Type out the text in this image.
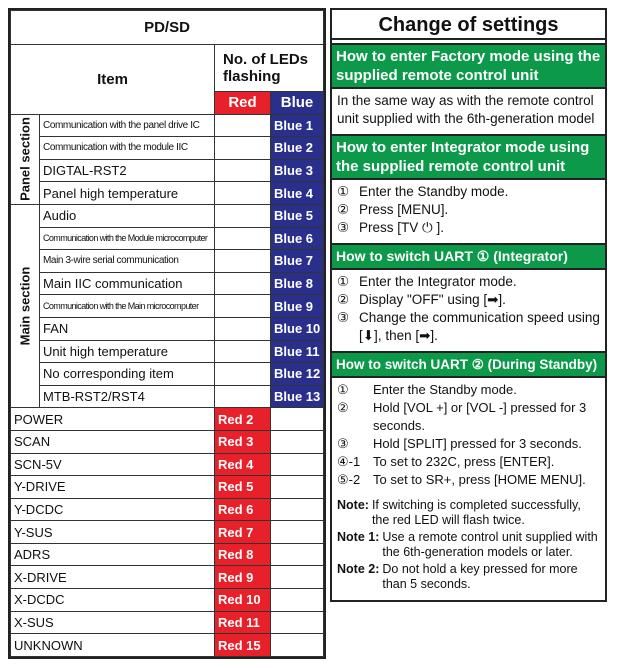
PD/SD			
Item		No. of LEDs flashing	
		Red	Blue

Panel section	Communication with the panel drive IC		Blue 1
	Communication with the module IIC		Blue 2
	DIGTAL-RST2		Blue 3
	Panel high temperature		Blue 4

Main section	Audio		Blue 5
	Communication with the Module microcomputer		Blue 6
	Main 3-wire serial communication		Blue 7
	Main IIC communication		Blue 8
	Communication with the Main microcomputer		Blue 9
	FAN		Blue 10
	Unit high temperature		Blue 11
	No corresponding item		Blue 12
	MTB-RST2/RST4		Blue 13
POWER		Red 2	
SCAN		Red 3	
SCN-5V		Red 4	
Y-DRIVE		Red 5	
Y-DCDC		Red 6	
Y-SUS		Red 7	
ADRS		Red 8	
X-DRIVE		Red 9	
X-DCDC		Red 10	
X-SUS		Red 11	
UNKNOWN		Red 15	
Change of settings
How to enter Factory mode using the supplied remote control unit
In the same way as with the remote control unit supplied with the 6th-generation model
How to enter Integrator mode using the supplied remote control unit
① Enter the Standby mode.
② Press [MENU].
③ Press [TV ⏻ ].
How to switch UART ① (Integrator)
① Enter the Integrator mode.
② Display "OFF" using [➡].
③ Change the communication speed using [⬇], then [➡].
How to switch UART ② (During Standby)
①	Enter the Standby mode.
②	Hold [VOL +] or [VOL -] pressed for 3 seconds.
③	Hold [SPLIT] pressed for 3 seconds.
④-1 To set to 232C, press [ENTER].
⑤-2 To set to SR+, press [HOME MENU].
Note: If switching is completed successfully, the red LED will flash twice.
Note 1: Use a remote control unit supplied with the 6th-generation models or later.
Note 2: Do not hold a key pressed for more than 5 seconds.
